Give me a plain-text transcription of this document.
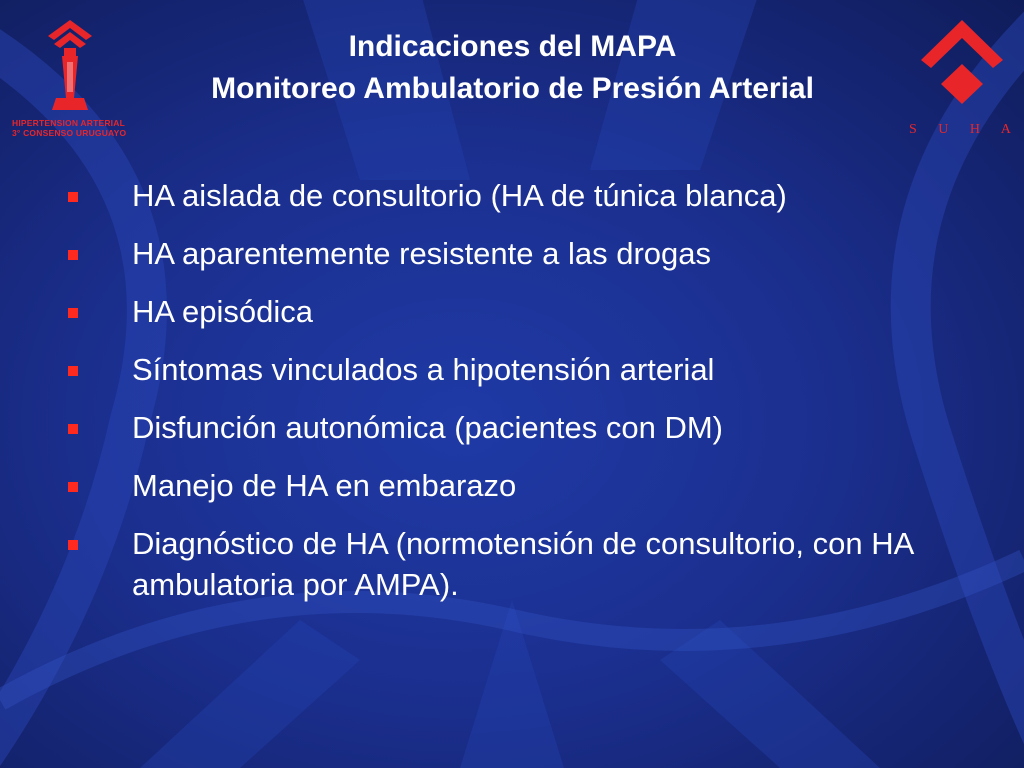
HIPERTENSION ARTERIAL
3° CONSENSO URUGUAYO	S U H A
Indicaciones del MAPA
Monitoreo Ambulatorio de Presión Arterial
HA aislada de consultorio (HA de túnica blanca)
HA aparentemente resistente a las drogas
HA episódica
Síntomas vinculados a hipotensión arterial
Disfunción autonómica (pacientes con DM)
Manejo de HA en embarazo
Diagnóstico de HA (normotensión de consultorio, con HA ambulatoria por AMPA).
